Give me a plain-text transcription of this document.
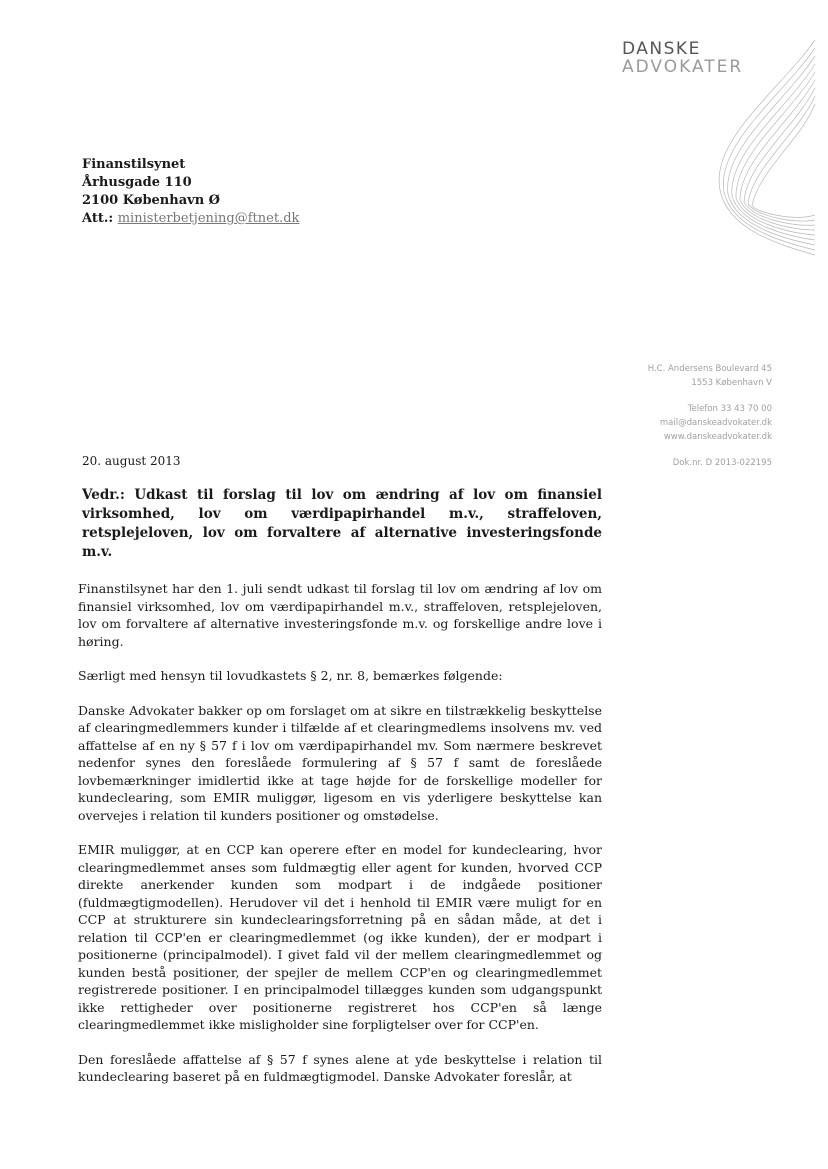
DANSKE
ADVOKATER
Finanstilsynet
Århusgade 110
2100 København Ø
Att.: ministerbetjening@ftnet.dk
H.C. Andersens Boulevard 45
1553 København V
Telefon 33 43 70 00
mail@danskeadvokater.dk
www.danskeadvokater.dk
Dok.nr. D 2013-022195
20. august 2013
Vedr.: Udkast til forslag til lov om ændring af lov om finansiel virksomhed, lov om værdipapirhandel m.v., straffeloven, retsplejeloven, lov om forvaltere af alternative investeringsfonde m.v.

Finanstilsynet har den 1. juli sendt udkast til forslag til lov om ændring af lov om finansiel virksomhed, lov om værdipapirhandel m.v., straffeloven, retsplejeloven, lov om forvaltere af alternative investeringsfonde m.v. og forskellige andre love i høring.

Særligt med hensyn til lovudkastets § 2, nr. 8, bemærkes følgende:

Danske Advokater bakker op om forslaget om at sikre en tilstrækkelig beskyttelse af clearingmedlemmers kunder i tilfælde af et clearingmedlems insolvens mv. ved affattelse af en ny § 57 f i lov om værdipapirhandel mv. Som nærmere beskrevet nedenfor synes den foreslåede formulering af § 57 f samt de foreslåede lovbemærkninger imidlertid ikke at tage højde for de forskellige modeller for kundeclearing, som EMIR muliggør, ligesom en vis yderligere beskyttelse kan overvejes i relation til kunders positioner og omstødelse.

EMIR muliggør, at en CCP kan operere efter en model for kundeclearing, hvor clearingmedlemmet anses som fuldmægtig eller agent for kunden, hvorved CCP direkte anerkender kunden som modpart i de indgåede positioner (fuldmægtigmodellen). Herudover vil det i henhold til EMIR være muligt for en CCP at strukturere sin kundeclearingsforretning på en sådan måde, at det i relation til CCP'en er clearingmedlemmet (og ikke kunden), der er modpart i positionerne (principalmodel). I givet fald vil der mellem clearingmedlemmet og kunden bestå positioner, der spejler de mellem CCP'en og clearingmedlemmet registrerede positioner. I en principalmodel tillægges kunden som udgangspunkt ikke rettigheder over positionerne registreret hos CCP'en så længe clearingmedlemmet ikke misligholder sine forpligtelser over for CCP'en.

Den foreslåede affattelse af § 57 f synes alene at yde beskyttelse i relation til kundeclearing baseret på en fuldmægtigmodel. Danske Advokater foreslår, at
